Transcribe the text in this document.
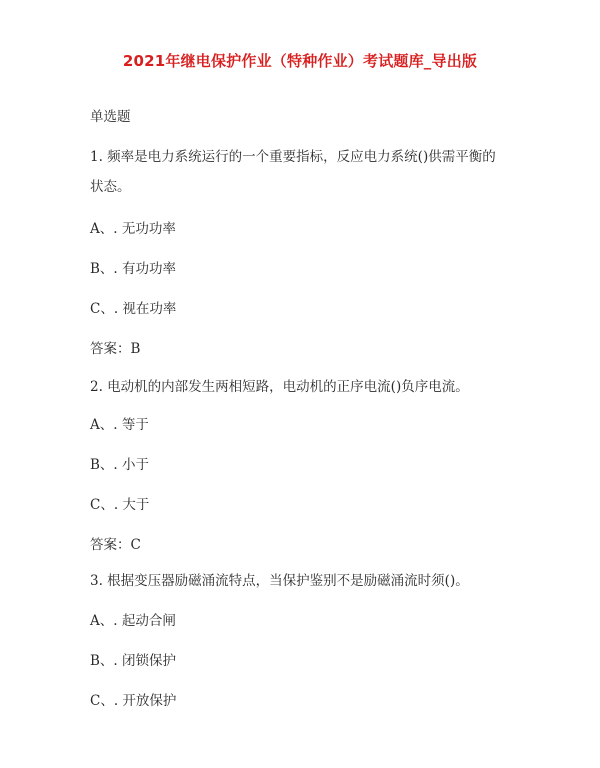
2021年继电保护作业（特种作业）考试题库_导出版
单选题
1. 频率是电力系统运行的一个重要指标，反应电力系统()供需平衡的
状态。
A、. 无功功率
B、. 有功功率
C、. 视在功率
答案：B
2. 电动机的内部发生两相短路，电动机的正序电流()负序电流。
A、. 等于
B、. 小于
C、. 大于
答案：C
3. 根据变压器励磁涌流特点，当保护鉴别不是励磁涌流时须()。
A、. 起动合闸
B、. 闭锁保护
C、. 开放保护
